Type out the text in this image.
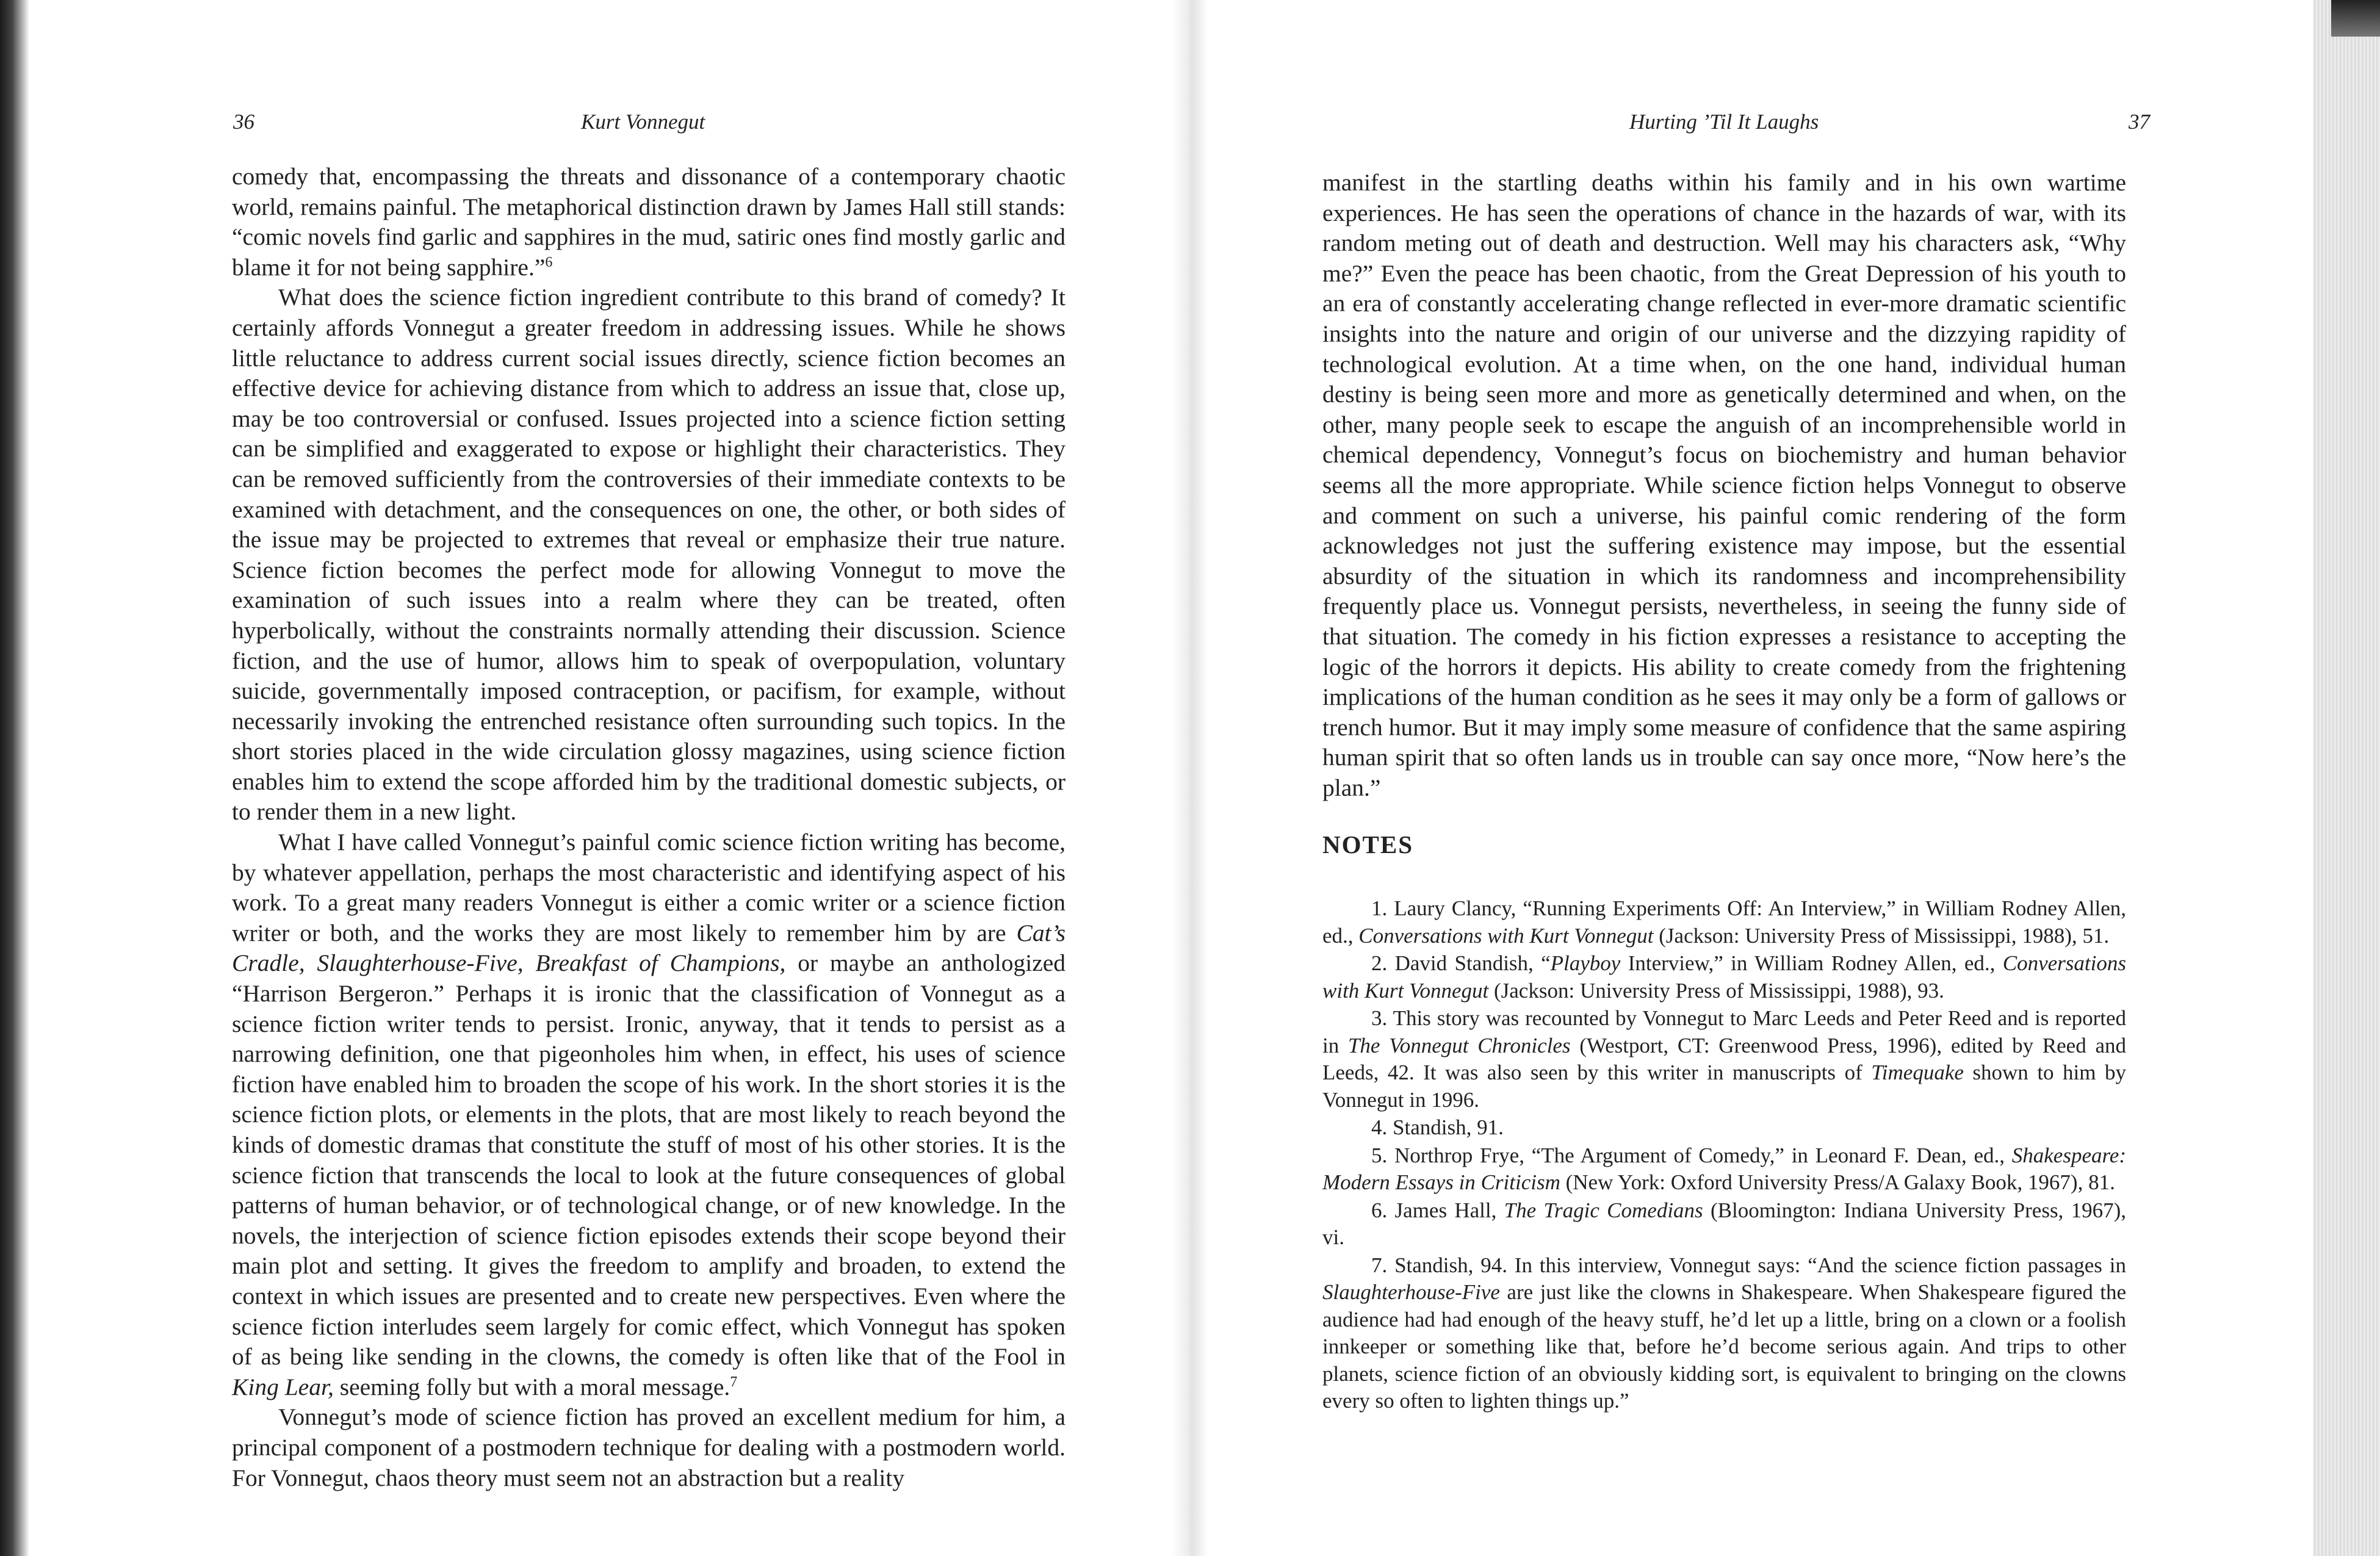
36	Kurt Vonnegut

comedy that, encompassing the threats and dissonance of a contemporary chaotic world, remains painful. The metaphorical distinction drawn by James Hall still stands: “comic novels find garlic and sapphires in the mud, satiric ones find mostly garlic and blame it for not being sapphire.”$^6$

What does the science fiction ingredient contribute to this brand of comedy? It certainly affords Vonnegut a greater freedom in addressing issues. While he shows little reluctance to address current social issues directly, science fiction becomes an effective device for achieving distance from which to address an issue that, close up, may be too controversial or confused. Issues projected into a science fiction setting can be simplified and exaggerated to expose or highlight their characteristics. They can be removed sufficiently from the controversies of their immediate contexts to be examined with detachment, and the consequences on one, the other, or both sides of the issue may be projected to extremes that reveal or emphasize their true nature. Science fiction becomes the perfect mode for allowing Vonnegut to move the examination of such issues into a realm where they can be treated, often hyperbolically, without the constraints normally attending their discussion. Science fiction, and the use of humor, allows him to speak of overpopulation, voluntary suicide, governmentally imposed contraception, or pacifism, for example, without necessarily invoking the entrenched resistance often surrounding such topics. In the short stories placed in the wide circulation glossy magazines, using science fiction enables him to extend the scope afforded him by the traditional domestic subjects, or to render them in a new light.

What I have called Vonnegut’s painful comic science fiction writing has become, by whatever appellation, perhaps the most characteristic and identifying aspect of his work. To a great many readers Vonnegut is either a comic writer or a science fiction writer or both, and the works they are most likely to remember him by are Cat’s Cradle, Slaughterhouse-Five, Breakfast of Champions, or maybe an anthologized “Harrison Bergeron.” Perhaps it is ironic that the classification of Vonnegut as a science fiction writer tends to persist. Ironic, anyway, that it tends to persist as a narrowing definition, one that pigeonholes him when, in effect, his uses of science fiction have enabled him to broaden the scope of his work. In the short stories it is the science fiction plots, or elements in the plots, that are most likely to reach beyond the kinds of domestic dramas that constitute the stuff of most of his other stories. It is the science fiction that transcends the local to look at the future consequences of global patterns of human behavior, or of technological change, or of new knowledge. In the novels, the interjection of science fiction episodes extends their scope beyond their main plot and setting. It gives the freedom to amplify and broaden, to extend the context in which issues are presented and to create new perspectives. Even where the science fiction interludes seem largely for comic effect, which Vonnegut has spoken of as being like sending in the clowns, the comedy is often like that of the Fool in King Lear, seeming folly but with a moral message.$^7$

Vonnegut’s mode of science fiction has proved an excellent medium for him, a principal component of a postmodern technique for dealing with a postmodern world. For Vonnegut, chaos theory must seem not an abstraction but a reality

Hurting ’Til It Laughs	37

manifest in the startling deaths within his family and in his own wartime experiences. He has seen the operations of chance in the hazards of war, with its random meting out of death and destruction. Well may his characters ask, “Why me?” Even the peace has been chaotic, from the Great Depression of his youth to an era of constantly accelerating change reflected in ever-more dramatic scientific insights into the nature and origin of our universe and the dizzying rapidity of technological evolution. At a time when, on the one hand, individual human destiny is being seen more and more as genetically determined and when, on the other, many people seek to escape the anguish of an incomprehensible world in chemical dependency, Vonnegut’s focus on biochemistry and human behavior seems all the more appropriate. While science fiction helps Vonnegut to observe and comment on such a universe, his painful comic rendering of the form acknowledges not just the suffering existence may impose, but the essential absurdity of the situation in which its randomness and incomprehensibility frequently place us. Vonnegut persists, nevertheless, in seeing the funny side of that situation. The comedy in his fiction expresses a resistance to accepting the logic of the horrors it depicts. His ability to create comedy from the frightening implications of the human condition as he sees it may only be a form of gallows or trench humor. But it may imply some measure of confidence that the same aspiring human spirit that so often lands us in trouble can say once more, “Now here’s the plan.”

NOTES

1. Laury Clancy, “Running Experiments Off: An Interview,” in William Rodney Allen, ed., Conversations with Kurt Vonnegut (Jackson: University Press of Mississippi, 1988), 51.

2. David Standish, “Playboy Interview,” in William Rodney Allen, ed., Conversations with Kurt Vonnegut (Jackson: University Press of Mississippi, 1988), 93.

3. This story was recounted by Vonnegut to Marc Leeds and Peter Reed and is reported in The Vonnegut Chronicles (Westport, CT: Greenwood Press, 1996), edited by Reed and Leeds, 42. It was also seen by this writer in manuscripts of Timequake shown to him by Vonnegut in 1996.

4. Standish, 91.

5. Northrop Frye, “The Argument of Comedy,” in Leonard F. Dean, ed., Shakespeare: Modern Essays in Criticism (New York: Oxford University Press/A Galaxy Book, 1967), 81.

6. James Hall, The Tragic Comedians (Bloomington: Indiana University Press, 1967), vi.

7. Standish, 94. In this interview, Vonnegut says: “And the science fiction passages in Slaughterhouse-Five are just like the clowns in Shakespeare. When Shakespeare figured the audience had had enough of the heavy stuff, he’d let up a little, bring on a clown or a foolish innkeeper or something like that, before he’d become serious again. And trips to other planets, science fiction of an obviously kidding sort, is equivalent to bringing on the clowns every so often to lighten things up.”
